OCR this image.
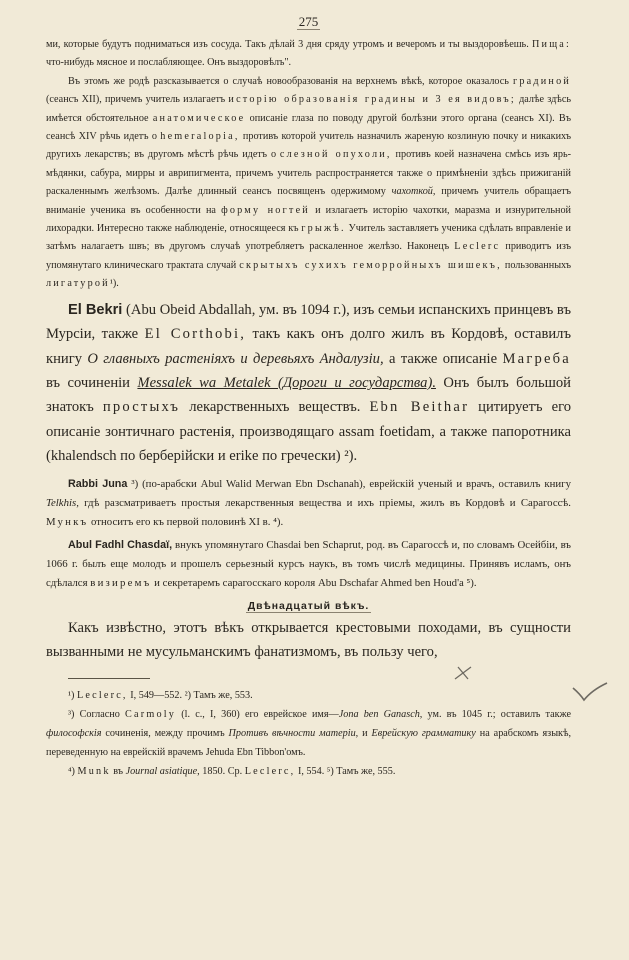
275

ми, которые будутъ подниматься изъ сосуда. Такъ дѣлай 3 дня сряду утромъ и вечеромъ и ты выздоровѣешь. Пища: что-нибудь мясное и послабляющее. Онъ выздоровѣлъ".

Въ этомъ же родѣ разсказывается о случаѣ новообразованія на верхнемъ вѣкѣ, которое оказалось градиной (сеансъ XII), причемъ учитель излагаетъ исторію образованія градины и 3 ея видовъ; далѣе здѣсь имѣется обстоятельное анатомическое описаніе глаза по поводу другой болѣзни этого органа (сеансъ XI). Въ сеансѣ XIV рѣчь идетъ о hemeralopia, противъ которой учитель назначилъ жареную козлиную почку и никакихъ другихъ лекарствъ; въ другомъ мѣстѣ рѣчь идетъ о слезной опухоли, противъ коей назначена смѣсь изъ ярь-мѣдянки, сабура, мирры и аврипигмента, причемъ учитель распространяется также о примѣненіи здѣсь прижиганій раскаленнымъ желѣзомъ. Далѣе длинный сеансъ посвященъ одержимому чахоткой, причемъ учитель обращаетъ вниманіе ученика въ особенности на форму ногтей и излагаетъ исторію чахотки, маразма и изнурительной лихорадки. Интересно также наблюденіе, относящееся къ грыжѣ. Учитель заставляетъ ученика сдѣлать вправленіе и затѣмъ налагаетъ швъ; въ другомъ случаѣ употребляетъ раскаленное желѣзо. Наконецъ Leclerc приводитъ изъ упомянутаго клиническаго трактата случай скрытыхъ сухихъ геморройныхъ шишекъ, пользованныхъ лигатурой¹).

El Bekri (Abu Obeid Abdallah, ум. въ 1094 г.), изъ семьи испанскихъ принцевъ въ Мурсіи, также El Corthobi, такъ какъ онъ долго жилъ въ Кордовѣ, оставилъ книгу О главныхъ растеніяхъ и деревьяхъ Андалузіи, а также описаніе Магреба въ сочиненіи Messalek wa Metalek (Дороги и государства). Онъ былъ большой знатокъ простыхъ лекарственныхъ веществъ. Ebn Beithar цитируетъ его описаніе зонтичнаго растенія, производящаго assam foetidam, а также папоротника (khalendsch по берберійски и erike по гречески) ²).

Rabbi Juna ³) (по-арабски Abul Walid Merwan Ebn Dschanah), еврейскій ученый и врачъ, оставилъ книгу Telkhis, гдѣ разсматриваетъ простыя лекарственныя вещества и ихъ пріемы, жилъ въ Кордовѣ и Сарагоссѣ. Мункъ относитъ его къ первой половинѣ XI в. ⁴).

Abul Fadhl Chasdaï, внукъ упомянутаго Chasdai ben Schaprut, род. въ Сарагоссѣ и, по словамъ Осейбіи, въ 1066 г. былъ еще молодъ и прошелъ серьезный курсъ наукъ, въ томъ числѣ медицины. Принявъ исламъ, онъ сдѣлался визиремъ и секретаремъ сарагосскаго короля Abu Dschafar Ahmed ben Houd'a ⁵).

Двѣнадцатый вѣкъ.

Какъ извѣстно, этотъ вѣкъ открывается крестовыми походами, въ сущности вызванными не мусульманскимъ фанатизмомъ, въ пользу чего,

¹) Leclerc, I, 549—552. ²) Тамъ же, 553.

³) Согласно Carmoly (l. c., I, 360) его еврейское имя—Jona ben Ganasch, ум. въ 1045 г.; оставилъ также философскія сочиненія, между прочимъ Противъ вѣчности матеріи, и Еврейскую грамматику на арабскомъ языкѣ, переведенную на еврейскій врачемъ Jehuda Ebn Tibbon'омъ.

⁴) Munk въ Journal asiatique, 1850. Ср. Leclerc, I, 554. ⁵) Тамъ же, 555.
